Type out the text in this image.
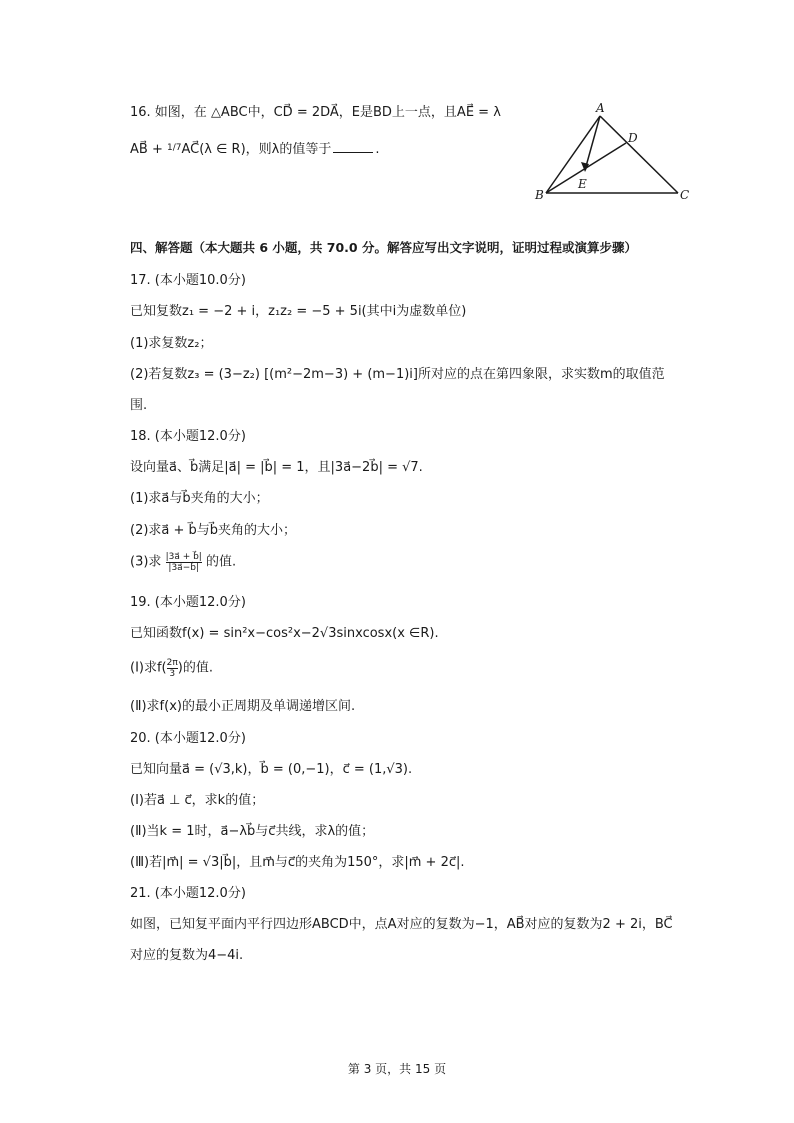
16. 如图，在 △ABC中，CD⃗ = 2DA⃗，E是BD上一点，且AE⃗ = λ
AB⃗ + $^{1/7}$AC⃗(λ ∈ R)，则λ的值等于	.
A
B	C
D
E
四、解答题（本大题共 6 小题，共 70.0 分。解答应写出文字说明，证明过程或演算步骤）
17. (本小题10.0分)
已知复数z₁ = −2 + i，z₁z₂ = −5 + 5i(其中i为虚数单位)
(1)求复数z₂；
(2)若复数z₃ = (3−z₂) [(m²−2m−3) + (m−1)i]所对应的点在第四象限，求实数m的取值范
围.
18. (本小题12.0分)
设向量a⃗、b⃗满足|a⃗| = |b⃗| = 1，且|3a⃗−2b⃗| = √7.
(1)求a⃗与b⃗夹角的大小；
(2)求a⃗ + b⃗与b⃗夹角的大小；
(3)求 $\frac{|3a⃗ + b⃗|}{|3a⃗-b⃗|}$ 的值.
19. (本小题12.0分)
已知函数f(x) = sin²x−cos²x−2√3sinxcosx(x ∈R).
(Ⅰ)求$f( \frac{2\pi}{3}$ )的值.
(Ⅱ)求f(x)的最小正周期及单调递增区间.
20. (本小题12.0分)
已知向量a⃗ = (√3,k)，b⃗ = (0,−1)，c⃗ = (1,√3).
(Ⅰ)若a⃗ ⊥ c⃗，求k的值；
(Ⅱ)当k = 1时，a⃗−λb⃗与c⃗共线，求λ的值；
(Ⅲ)若|m⃗| = √3|b⃗|，且m⃗与c⃗的夹角为150°，求|m⃗ + 2c⃗|.
21. (本小题12.0分)
如图，已知复平面内平行四边形ABCD中，点A对应的复数为−1，AB⃗对应的复数为2 + 2i，BC⃗
对应的复数为4−4i.
第 3 页，共 15 页
